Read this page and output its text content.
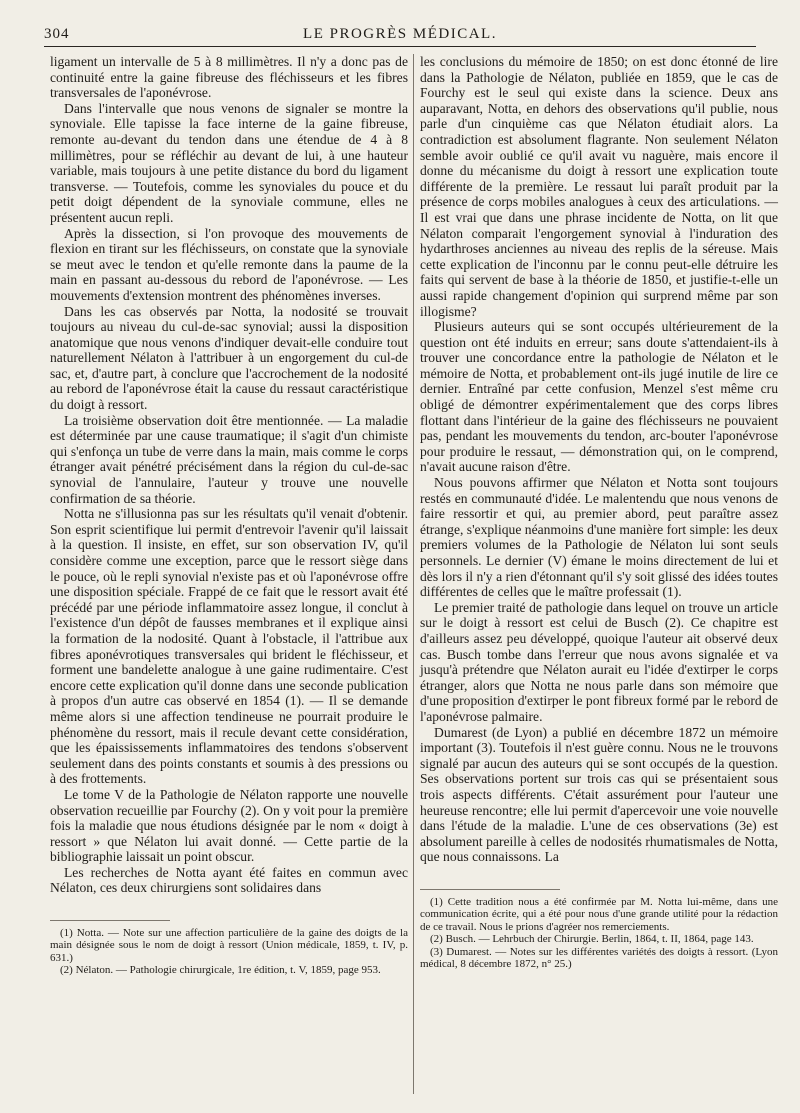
304	LE PROGRÈS MÉDICAL.

ligament un intervalle de 5 à 8 millimètres. Il n'y a donc pas de continuité entre la gaine fibreuse des fléchisseurs et les fibres transversales de l'aponévrose.

Dans l'intervalle que nous venons de signaler se montre la synoviale. Elle tapisse la face interne de la gaine fibreuse, remonte au-devant du tendon dans une étendue de 4 à 8 millimètres, pour se réfléchir au devant de lui, à une hauteur variable, mais toujours à une petite distance du bord du ligament transverse. — Toutefois, comme les synoviales du pouce et du petit doigt dépendent de la synoviale commune, elles ne présentent aucun repli.

Après la dissection, si l'on provoque des mouvements de flexion en tirant sur les fléchisseurs, on constate que la synoviale se meut avec le tendon et qu'elle remonte dans la paume de la main en passant au-dessous du rebord de l'aponévrose. — Les mouvements d'extension montrent des phénomènes inverses.

Dans les cas observés par Notta, la nodosité se trouvait toujours au niveau du cul-de-sac synovial; aussi la disposition anatomique que nous venons d'indiquer devait-elle conduire tout naturellement Nélaton à l'attribuer à un engorgement du cul-de sac, et, d'autre part, à conclure que l'accrochement de la nodosité au rebord de l'aponévrose était la cause du ressaut caractéristique du doigt à ressort.

La troisième observation doit être mentionnée. — La maladie est déterminée par une cause traumatique; il s'agit d'un chimiste qui s'enfonça un tube de verre dans la main, mais comme le corps étranger avait pénétré précisément dans la région du cul-de-sac synovial de l'annulaire, l'auteur y trouve une nouvelle confirmation de sa théorie.

Notta ne s'illusionna pas sur les résultats qu'il venait d'obtenir. Son esprit scientifique lui permit d'entrevoir l'avenir qu'il laissait à la question. Il insiste, en effet, sur son observation IV, qu'il considère comme une exception, parce que le ressort siège dans le pouce, où le repli synovial n'existe pas et où l'aponévrose offre une disposition spéciale. Frappé de ce fait que le ressort avait été précédé par une période inflammatoire assez longue, il conclut à l'existence d'un dépôt de fausses membranes et il explique ainsi la formation de la nodosité. Quant à l'obstacle, il l'attribue aux fibres aponévrotiques transversales qui brident le fléchisseur, et forment une bandelette analogue à une gaine rudimentaire. C'est encore cette explication qu'il donne dans une seconde publication à propos d'un autre cas observé en 1854 (1). — Il se demande même alors si une affection tendineuse ne pourrait produire le phénomène du ressort, mais il recule devant cette considération, que les épaississements inflammatoires des tendons s'observent seulement dans des points constants et soumis à des pressions ou à des frottements.

Le tome V de la Pathologie de Nélaton rapporte une nouvelle observation recueillie par Fourchy (2). On y voit pour la première fois la maladie que nous étudions désignée par le nom « doigt à ressort » que Nélaton lui avait donné. — Cette partie de la bibliographie laissait un point obscur.

Les recherches de Notta ayant été faites en commun avec Nélaton, ces deux chirurgiens sont solidaires dans

(1) Notta. — Note sur une affection particulière de la gaine des doigts de la main désignée sous le nom de doigt à ressort (Union médicale, 1859, t. IV, p. 631.)

(2) Nélaton. — Pathologie chirurgicale, 1re édition, t. V, 1859, page 953.

les conclusions du mémoire de 1850; on est donc étonné de lire dans la Pathologie de Nélaton, publiée en 1859, que le cas de Fourchy est le seul qui existe dans la science. Deux ans auparavant, Notta, en dehors des observations qu'il publie, nous parle d'un cinquième cas que Nélaton étudiait alors. La contradiction est absolument flagrante. Non seulement Nélaton semble avoir oublié ce qu'il avait vu naguère, mais encore il donne du mécanisme du doigt à ressort une explication toute différente de la première. Le ressaut lui paraît produit par la présence de corps mobiles analogues à ceux des articulations. — Il est vrai que dans une phrase incidente de Notta, on lit que Nélaton comparait l'engorgement synovial à l'induration des hydarthroses anciennes au niveau des replis de la séreuse. Mais cette explication de l'inconnu par le connu peut-elle détruire les faits qui servent de base à la théorie de 1850, et justifie-t-elle un aussi rapide changement d'opinion qui surprend même par son illogisme?

Plusieurs auteurs qui se sont occupés ultérieurement de la question ont été induits en erreur; sans doute s'attendaient-ils à trouver une concordance entre la pathologie de Nélaton et le mémoire de Notta, et probablement ont-ils jugé inutile de lire ce dernier. Entraîné par cette confusion, Menzel s'est même cru obligé de démontrer expérimentalement que des corps libres flottant dans l'intérieur de la gaine des fléchisseurs ne pouvaient pas, pendant les mouvements du tendon, arc-bouter l'aponévrose pour produire le ressaut, — démonstration qui, on le comprend, n'avait aucune raison d'être.

Nous pouvons affirmer que Nélaton et Notta sont toujours restés en communauté d'idée. Le malentendu que nous venons de faire ressortir et qui, au premier abord, peut paraître assez étrange, s'explique néanmoins d'une manière fort simple: les deux premiers volumes de la Pathologie de Nélaton lui sont seuls personnels. Le dernier (V) émane le moins directement de lui et dès lors il n'y a rien d'étonnant qu'il s'y soit glissé des idées toutes différentes de celles que le maître professait (1).

Le premier traité de pathologie dans lequel on trouve un article sur le doigt à ressort est celui de Busch (2). Ce chapitre est d'ailleurs assez peu développé, quoique l'auteur ait observé deux cas. Busch tombe dans l'erreur que nous avons signalée et va jusqu'à prétendre que Nélaton aurait eu l'idée d'extirper le corps étranger, alors que Notta ne nous parle dans son mémoire que d'une proposition d'extirper le pont fibreux formé par le rebord de l'aponévrose palmaire.

Dumarest (de Lyon) a publié en décembre 1872 un mémoire important (3). Toutefois il n'est guère connu. Nous ne le trouvons signalé par aucun des auteurs qui se sont occupés de la question. Ses observations portent sur trois cas qui se présentaient sous trois aspects différents. C'était assurément pour l'auteur une heureuse rencontre; elle lui permit d'apercevoir une voie nouvelle dans l'étude de la maladie. L'une de ces observations (3e) est absolument pareille à celles de nodosités rhumatismales de Notta, que nous connaissons. La

(1) Cette tradition nous a été confirmée par M. Notta lui-même, dans une communication écrite, qui a été pour nous d'une grande utilité pour la rédaction de ce travail. Nous le prions d'agréer nos remerciements.

(2) Busch. — Lehrbuch der Chirurgie. Berlin, 1864, t. II, 1864, page 143.

(3) Dumarest. — Notes sur les différentes variétés des doigts à ressort. (Lyon médical, 8 décembre 1872, n° 25.)
